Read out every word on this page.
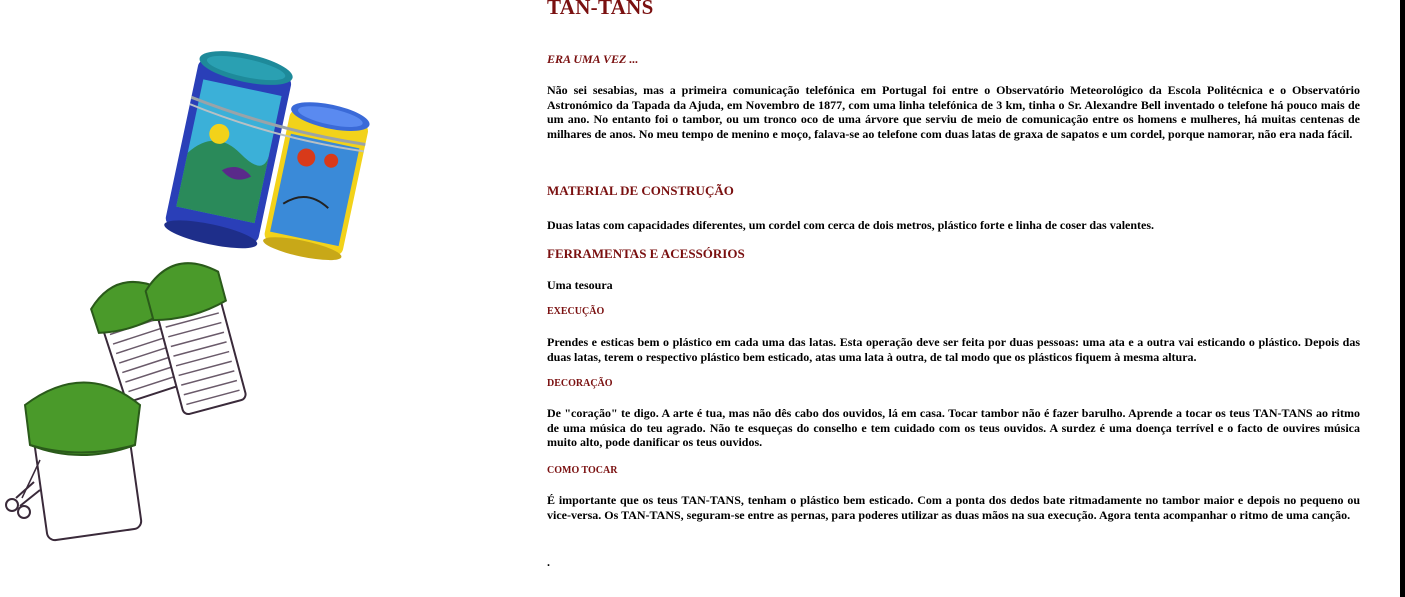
TAN-TANS
ERA UMA VEZ ...

Não sei sesabias, mas a primeira comunicação telefónica em Portugal foi entre o Observatório Meteorológico da Escola Politécnica e o Observatório Astronómico da Tapada da Ajuda, em Novembro de 1877, com uma linha telefónica de 3 km, tinha o Sr. Alexandre Bell inventado o telefone há pouco mais de um ano. No entanto foi o tambor, ou um tronco oco de uma árvore que serviu de meio de comunicação entre os homens e mulheres, há muitas centenas de milhares de anos. No meu tempo de menino e moço, falava-se ao telefone com duas latas de graxa de sapatos e um cordel, porque namorar, não era nada fácil.

MATERIAL DE CONSTRUÇÃO

Duas latas com capacidades diferentes, um cordel com cerca de dois metros, plástico forte e linha de coser das valentes.

FERRAMENTAS E ACESSÓRIOS

Uma tesoura

EXECUÇÃO

Prendes e esticas bem o plástico em cada uma das latas. Esta operação deve ser feita por duas pessoas: uma ata e a outra vai esticando o plástico. Depois das duas latas, terem o respectivo plástico bem esticado, atas uma lata à outra, de tal modo que os plásticos fiquem à mesma altura.

DECORAÇÃO

De "coração" te digo. A arte é tua, mas não dês cabo dos ouvidos, lá em casa. Tocar tambor não é fazer barulho. Aprende a tocar os teus TAN-TANS ao ritmo de uma música do teu agrado. Não te esqueças do conselho e tem cuidado com os teus ouvidos. A surdez é uma doença terrível e o facto de ouvires música muito alto, pode danificar os teus ouvidos.

COMO TOCAR

É importante que os teus TAN-TANS, tenham o plástico bem esticado. Com a ponta dos dedos bate ritmadamente no tambor maior e depois no pequeno ou vice-versa. Os TAN-TANS, seguram-se entre as pernas, para poderes utilizar as duas mãos na sua execução. Agora tenta acompanhar o ritmo de uma canção.

.
